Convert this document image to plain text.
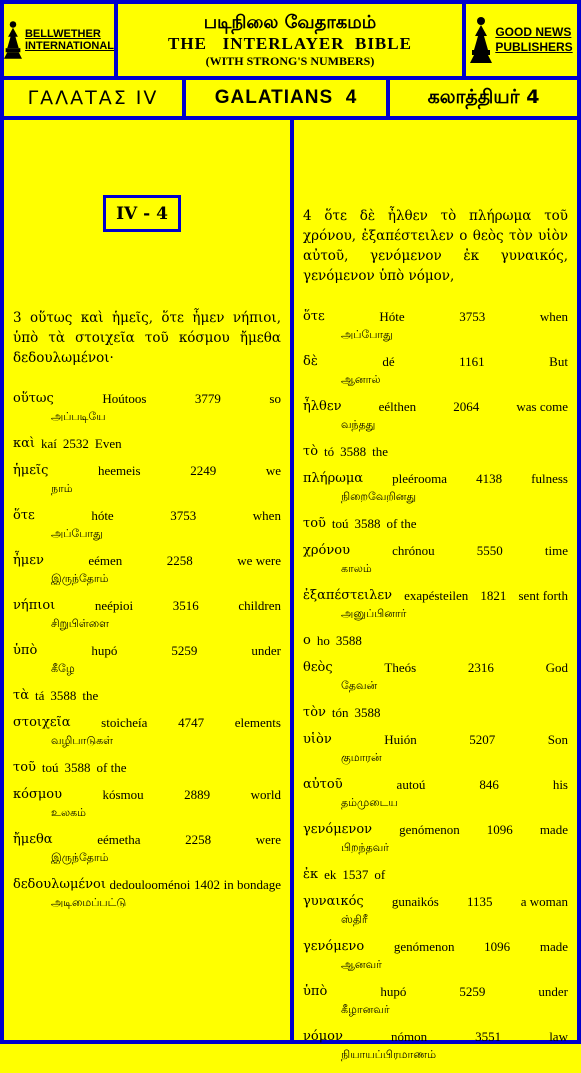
BELLWETHER
INTERNATIONAL
படிநிலை வேதாகமம்
THE   INTERLAYER  BIBLE
(WITH STRONG'S NUMBERS)
GOOD NEWS
PUBLISHERS
ΓΑΛΑΤΑΣ IV	GALATIANS  4	கலாத்தியர் 4
IV - 4

3 οὕτως καὶ ἡμεῖς, ὅτε ἦμεν νήπιοι, ὑπὸ τὰ στοιχεῖα τοῦ κόσμου ἤμεθα δεδουλωμένοι·

οὕτως	Hoútoos	3779	so
அப்படியே
καὶ kaí 2532 Even
ἡμεῖς	heemeis	2249	we
நாம்
ὅτε	hóte	3753	when
அப்போது
ἦμεν	eémen	2258	we were
இருந்தோம்
νήπιοι	neépioi	3516	children
சிறுபிள்ளை
ὑπὸ	hupó	5259	under
கீழே
τὰ tá 3588 the
στοιχεῖα stoicheía 4747 elements
வழிபாடுகள்
τοῦ toú 3588 of the
κόσμου	kósmou	2889	world
உலகம்
ἤμεθα	eémetha	2258	were
இருந்தோம்
δεδουλωμένοι dedoulooménoi 1402 in bondage
அடிமைப்பட்டு

4 ὅτε δὲ ἦλθεν τὸ πλήρωμα τοῦ χρόνου, ἐξαπέστειλεν ο θεὸς τὸν υἱὸν αὐτοῦ, γενόμενον ἐκ γυναικός, γενόμενον ὑπὸ νόμον,

ὅτε	Hóte	3753	when
அப்போது
δὲ	dé	1161	But
ஆனால்
ἦλθεν	eélthen	2064	was come
வந்தது
τὸ tó 3588 the
πλήρωμα pleérooma 4138 fulness
நிறைவேறினது
τοῦ toú 3588 of the
χρόνου	chrónou	5550	time
காலம்
ἐξαπέστειλεν exapésteilen 1821 sent forth
அனுப்பினார்
ο ho 3588
θεὸς	Theós	2316	God
தேவன்
τὸν tón 3588
υἱὸν	Huión	5207	Son
குமாரன்
αὐτοῦ	autoú	846	his
தம்முடைய
γενόμενον genómenon 1096 made
பிறந்தவர்
ἐκ ek 1537 of
γυναικός gunaikós 1135 a woman
ஸ்திரீ
γενόμενο genómenon 1096 made
ஆனவர்
ὑπὸ	hupó	5259	under
கீழானவர்
νόμον	nómon	3551	law
நியாயப்பிரமாணம்
